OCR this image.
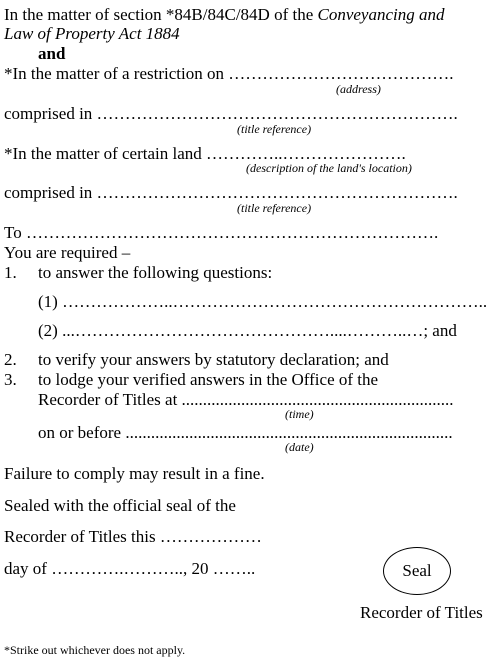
In the matter of section *84B/84C/84D of the Conveyancing and
Law of Property Act 1884
and
*In the matter of a restriction on ………………………………….
(address)
comprised in ……………………………………………………….
(title reference)
*In the matter of certain land …………..………………….
(description of the land's location)
comprised in ……………………………………………………….
(title reference)
To ……………………………………………………………….
You are required –
1. to answer the following questions:
(1) ………………..………………………………………………..
(2) ...………………………………………....………..…; and
2. to verify your answers by statutory declaration; and
3. to lodge your verified answers in the Office of the
Recorder of Titles at ................................................................
(time)
on or before .............................................................................
(date)
Failure to comply may result in a fine.
Sealed with the official seal of the
Recorder of Titles this ………………
day of ………….……….., 20 ……..	Seal
Recorder of Titles
*Strike out whichever does not apply.
